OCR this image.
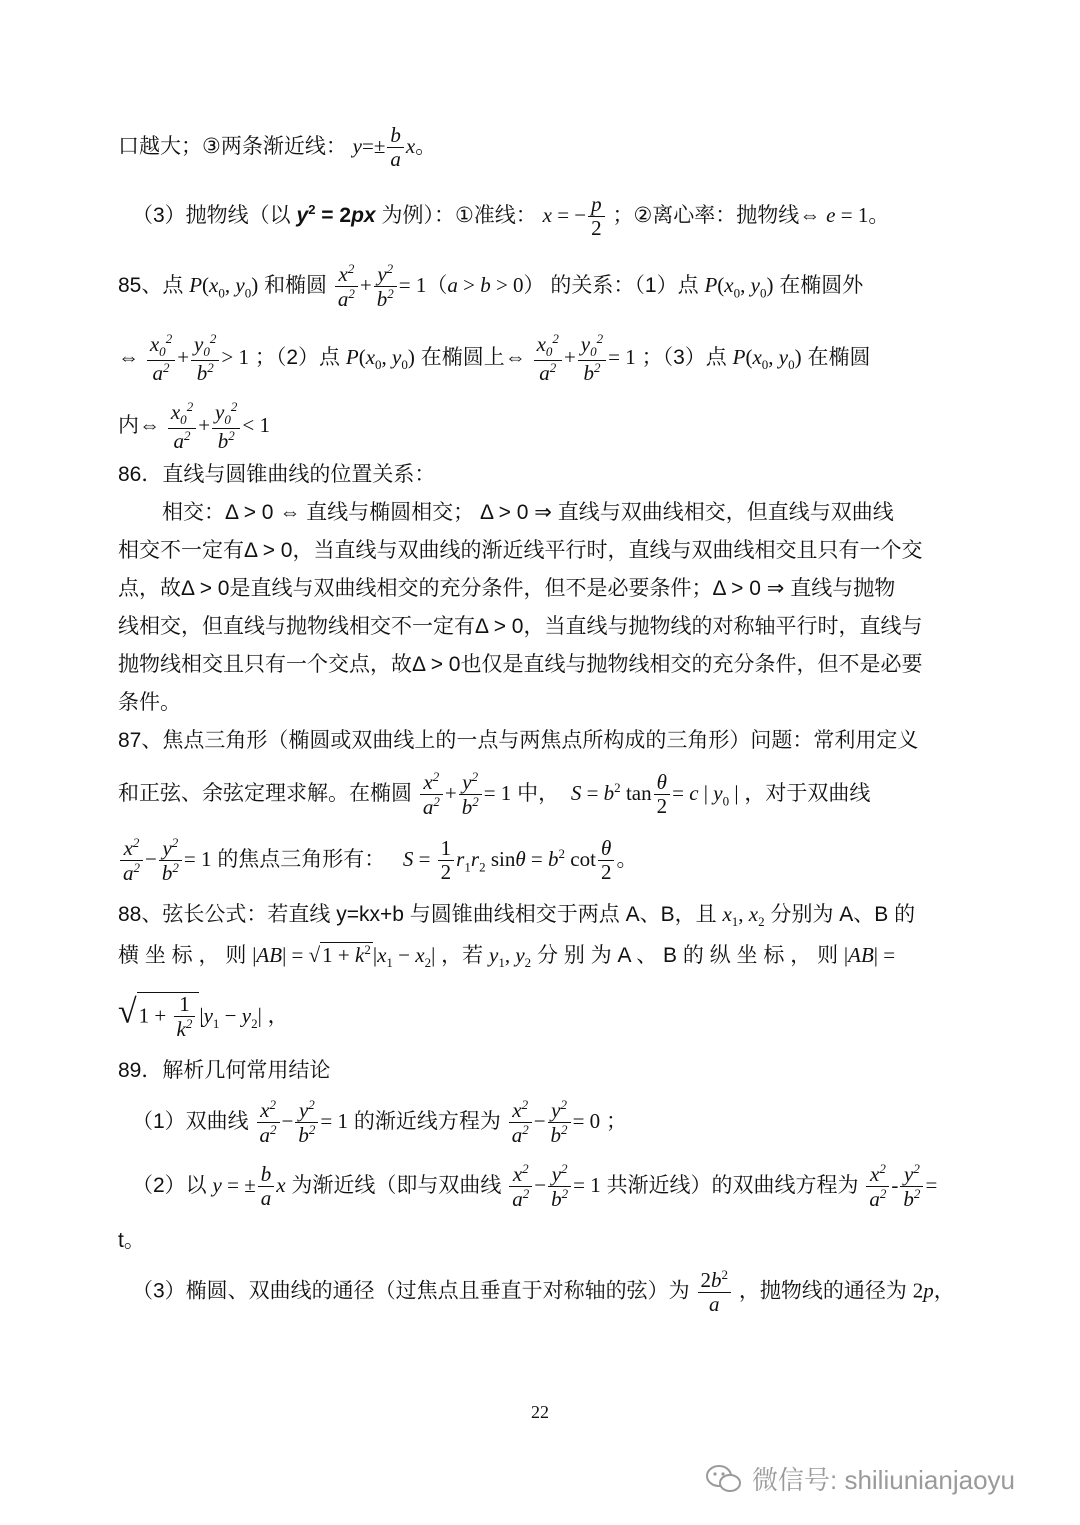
口越大；③两条渐近线： $y=\pm \frac{b}{a}$ x。
（3）抛物线（以 $y^2 = 2px$ 为例）：①准线： x = − $\frac{p}{2}$ ；②离心率：抛物线⇔ e = 1。
85、点 $P(x_0$, $y_0$) 和椭圆 $\frac{x^2}{a^2} + \frac{y^2}{b^2} = 1(a > b > 0)$ 的关系：（1）点 $P(x_0$, $y_0$) 在椭圆外
⇔ $\frac{x_0^2}{a^2} + \frac{y_0^2}{b^2} > 1$ ；（2）点 $P(x_0$, $y_0$) 在椭圆上⇔ $\frac{x_0^2}{a^2} + \frac{y_0^2}{b^2} = 1$ ；（3）点 $P(x_0$, $y_0$) 在椭圆
内⇔ $\frac{x_0^2}{a^2} + \frac{y_0^2}{b^2} < 1$
86．直线与圆锥曲线的位置关系：
相交：Δ > 0 ⇔ 直线与椭圆相交； Δ > 0 ⇒ 直线与双曲线相交，但直线与双曲线
相交不一定有Δ > 0，当直线与双曲线的渐近线平行时，直线与双曲线相交且只有一个交
点，故Δ > 0是直线与双曲线相交的充分条件，但不是必要条件；Δ > 0 ⇒ 直线与抛物
线相交，但直线与抛物线相交不一定有Δ > 0，当直线与抛物线的对称轴平行时，直线与
抛物线相交且只有一个交点，故Δ > 0也仅是直线与抛物线相交的充分条件，但不是必要
条件。
87、焦点三角形（椭圆或双曲线上的一点与两焦点所构成的三角形）问题：常利用定义
和正弦、余弦定理求解。在椭圆 $\frac{x^2}{a^2} + \frac{y^2}{b^2} = 1$ 中， $S = b^2$ $\tan \frac{\theta}{2} = c$ | $y_0$ | ，对于双曲线
$\frac{x^2}{a^2} - \frac{y^2}{b^2} = 1$ 的焦点三角形有： $S = \frac{1}{2} r_1r_2$ $\sin\theta = b^2$ $\cot \frac{\theta}{2}$ 。
88、弦长公式：若直线 y=kx+b 与圆锥曲线相交于两点 A、B，且 $x_1$, $x_2$ 分别为 A、B 的
横 坐 标 ， 则 $|AB| = √1 + k^2|x_1 - x_2|$ ，若 $y_1$, $y_2$ 分 别 为 A 、 B 的 纵 坐 标 ， 则 |AB| =
$√1 + \frac{1}{k^2} |y_1 - y_2|$ ，
89．解析几何常用结论
（1）双曲线 $\frac{x^2}{a^2} - \frac{y^2}{b^2} = 1$ 的渐近线方程为 $\frac{x^2}{a^2} - \frac{y^2}{b^2} = 0$ ；
（2）以 y = ± $\frac{b}{a}$ x 为渐近线（即与双曲线 $\frac{x^2}{a^2} - \frac{y^2}{b^2} = 1$ 共渐近线）的双曲线方程为 $\frac{x^2}{a^2} - \frac{y^2}{b^2}$ =
t。
（3）椭圆、双曲线的通径（过焦点且垂直于对称轴的弦）为 $\frac{2b^2}{a}$ ，抛物线的通径为 2p，
22
微信号: shiliunianjaoyu
